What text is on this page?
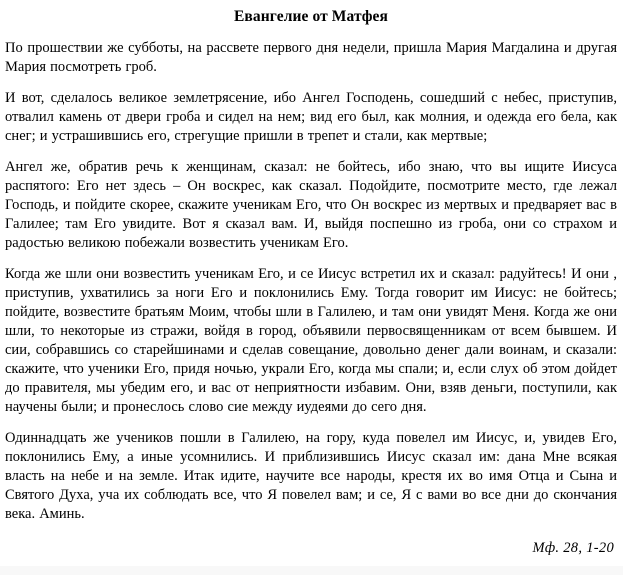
Евангелие от Матфея

По прошествии же субботы, на рассвете первого дня недели, пришла Мария Магдалина и другая Мария посмотреть гроб.

И вот, сделалось великое землетрясение, ибо Ангел Господень, сошедший с небес, приступив, отвалил камень от двери гроба и сидел на нем; вид его был, как молния, и одежда его бела, как снег; и устрашившись его, стрегущие пришли в трепет и стали, как мертвые;

Ангел же, обратив речь к женщинам, сказал: не бойтесь, ибо знаю, что вы ищите Иисуса распятого: Его нет здесь – Он воскрес, как сказал. Подойдите, посмотрите место, где лежал Господь, и пойдите скорее, скажите ученикам Его, что Он воскрес из мертвых и предваряет вас в Галилее; там Его увидите. Вот я сказал вам. И, выйдя поспешно из гроба, они со страхом и радостью великою побежали возвестить ученикам Его.

Когда же шли они возвестить ученикам Его, и се Иисус встретил их и сказал: радуйтесь! И они , приступив, ухватились за ноги Его и поклонились Ему. Тогда говорит им Иисус: не бойтесь; пойдите, возвестите братьям Моим, чтобы шли в Галилею, и там они увидят Меня. Когда же они шли, то некоторые из стражи, войдя в город, объявили первосвященникам от всем бывшем. И сии, собравшись со старейшинами и сделав совещание, довольно денег дали воинам, и сказали: скажите, что ученики Его, придя ночью, украли Его, когда мы спали; и, если слух об этом дойдет до правителя, мы убедим его, и вас от неприятности избавим. Они, взяв деньги, поступили, как научены были; и пронеслось слово сие между иудеями до сего дня.

Одиннадцать же учеников пошли в Галилею, на гору, куда повелел им Иисус, и, увидев Его, поклонились Ему, а иные усомнились. И приблизившись Иисус сказал им: дана Мне всякая власть на небе и на земле. Итак идите, научите все народы, крестя их во имя Отца и Сына и Святого Духа, уча их соблюдать все, что Я повелел вам; и се, Я с вами во все дни до скончания века. Аминь.

Мф. 28, 1-20
